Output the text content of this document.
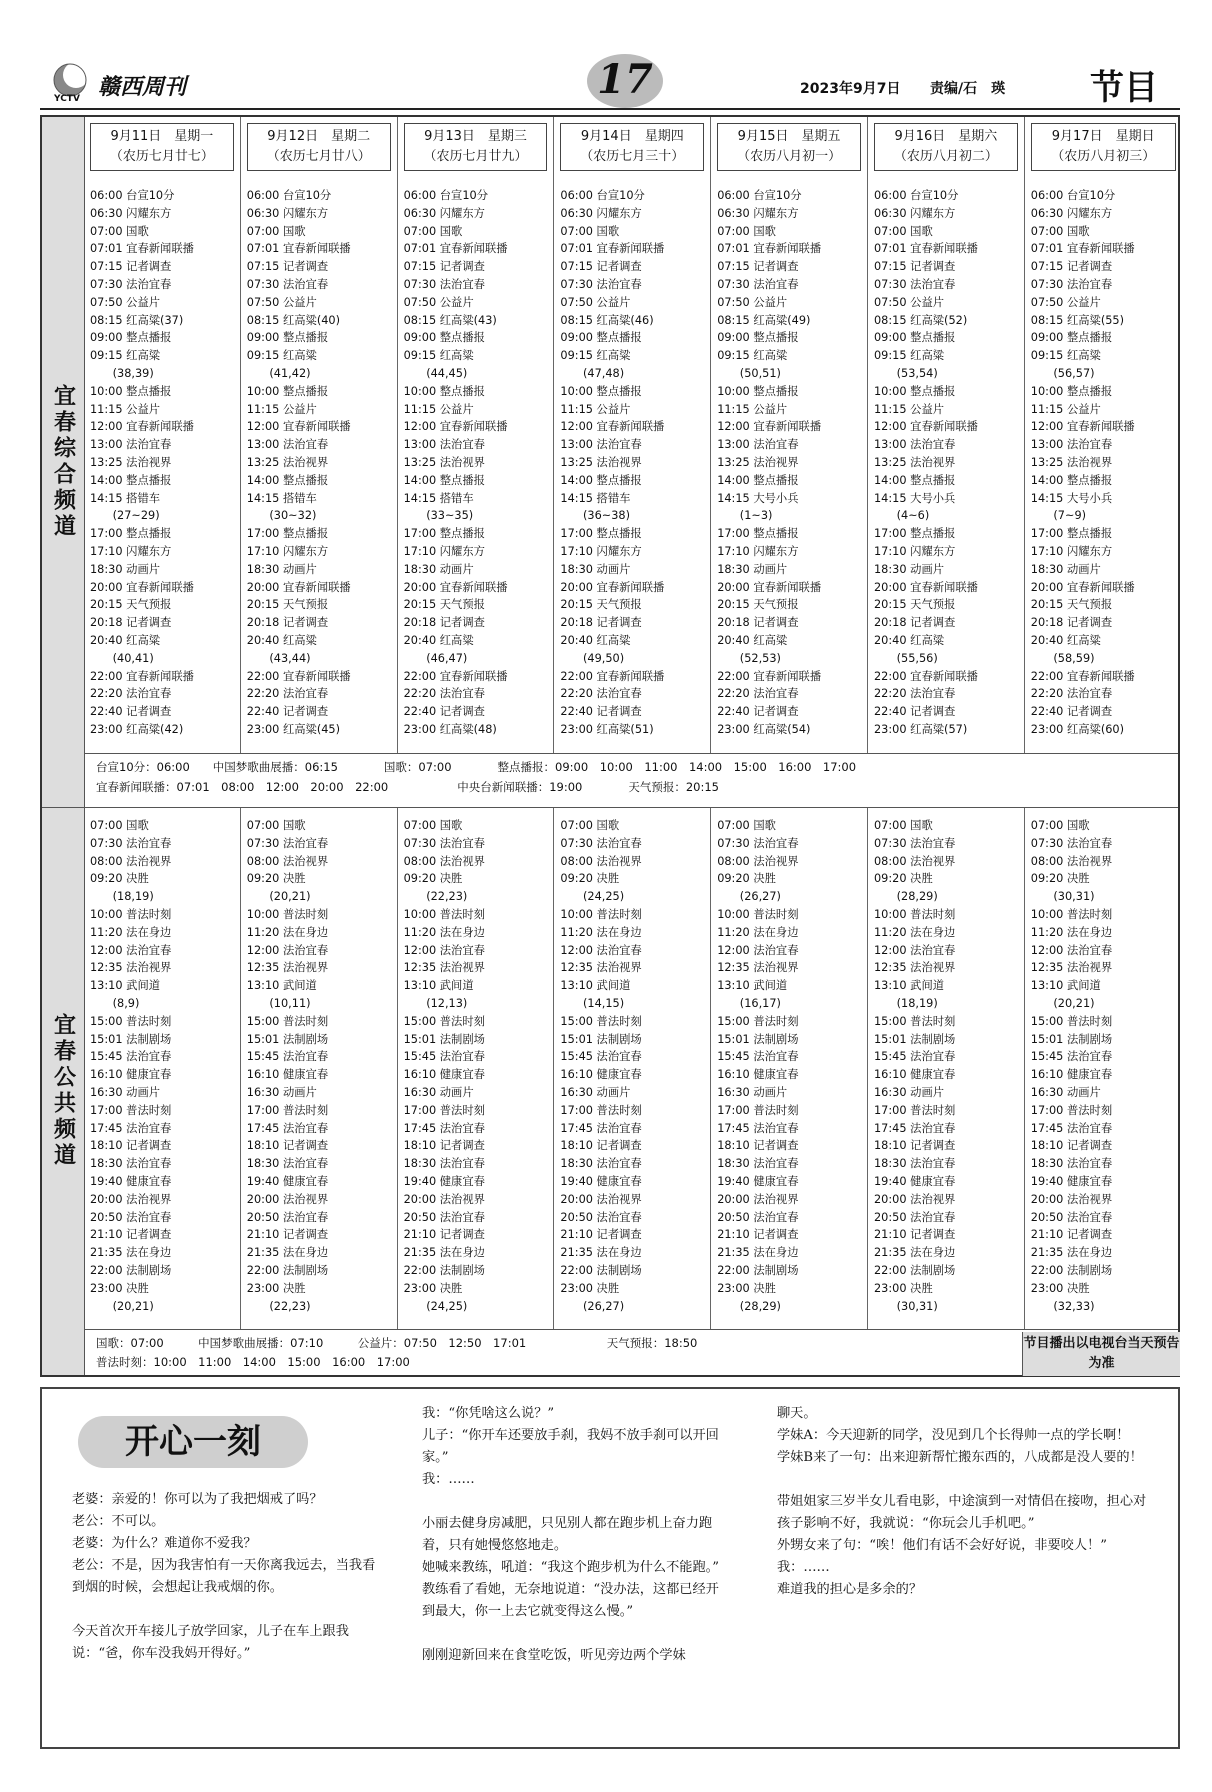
YCTV 赣西周刊	17	2023年9月7日 责编/石　瑛 节目
宜春综合频道
宜春公共频道
9月11日　星期一
（农历七月廿七）
06:00 台宣10分
06:30 闪耀东方
07:00 国歌
07:01 宜春新闻联播
07:15 记者调查
07:30 法治宜春
07:50 公益片
08:15 红高粱(37)
09:00 整点播报
09:15 红高粱
　　(38,39)
10:00 整点播报
11:15 公益片
12:00 宜春新闻联播
13:00 法治宜春
13:25 法治视界
14:00 整点播报
14:15 搭错车
　　(27~29)
17:00 整点播报
17:10 闪耀东方
18:30 动画片
20:00 宜春新闻联播
20:15 天气预报
20:18 记者调查
20:40 红高粱
　　(40,41)
22:00 宜春新闻联播
22:20 法治宜春
22:40 记者调查
23:00 红高粱(42)
07:00 国歌
07:30 法治宜春
08:00 法治视界
09:20 决胜
　　(18,19)
10:00 普法时刻
11:20 法在身边
12:00 法治宜春
12:35 法治视界
13:10 武间道
　　(8,9)
15:00 普法时刻
15:01 法制剧场
15:45 法治宜春
16:10 健康宜春
16:30 动画片
17:00 普法时刻
17:45 法治宜春
18:10 记者调查
18:30 法治宜春
19:40 健康宜春
20:00 法治视界
20:50 法治宜春
21:10 记者调查
21:35 法在身边
22:00 法制剧场
23:00 决胜
　　(20,21)
9月12日　星期二
（农历七月廿八）
06:00 台宣10分
06:30 闪耀东方
07:00 国歌
07:01 宜春新闻联播
07:15 记者调查
07:30 法治宜春
07:50 公益片
08:15 红高粱(40)
09:00 整点播报
09:15 红高粱
　　(41,42)
10:00 整点播报
11:15 公益片
12:00 宜春新闻联播
13:00 法治宜春
13:25 法治视界
14:00 整点播报
14:15 搭错车
　　(30~32)
17:00 整点播报
17:10 闪耀东方
18:30 动画片
20:00 宜春新闻联播
20:15 天气预报
20:18 记者调查
20:40 红高粱
　　(43,44)
22:00 宜春新闻联播
22:20 法治宜春
22:40 记者调查
23:00 红高粱(45)
07:00 国歌
07:30 法治宜春
08:00 法治视界
09:20 决胜
　　(20,21)
10:00 普法时刻
11:20 法在身边
12:00 法治宜春
12:35 法治视界
13:10 武间道
　　(10,11)
15:00 普法时刻
15:01 法制剧场
15:45 法治宜春
16:10 健康宜春
16:30 动画片
17:00 普法时刻
17:45 法治宜春
18:10 记者调查
18:30 法治宜春
19:40 健康宜春
20:00 法治视界
20:50 法治宜春
21:10 记者调查
21:35 法在身边
22:00 法制剧场
23:00 决胜
　　(22,23)
9月13日　星期三
（农历七月廿九）
06:00 台宣10分
06:30 闪耀东方
07:00 国歌
07:01 宜春新闻联播
07:15 记者调查
07:30 法治宜春
07:50 公益片
08:15 红高粱(43)
09:00 整点播报
09:15 红高粱
　　(44,45)
10:00 整点播报
11:15 公益片
12:00 宜春新闻联播
13:00 法治宜春
13:25 法治视界
14:00 整点播报
14:15 搭错车
　　(33~35)
17:00 整点播报
17:10 闪耀东方
18:30 动画片
20:00 宜春新闻联播
20:15 天气预报
20:18 记者调查
20:40 红高粱
　　(46,47)
22:00 宜春新闻联播
22:20 法治宜春
22:40 记者调查
23:00 红高粱(48)
07:00 国歌
07:30 法治宜春
08:00 法治视界
09:20 决胜
　　(22,23)
10:00 普法时刻
11:20 法在身边
12:00 法治宜春
12:35 法治视界
13:10 武间道
　　(12,13)
15:00 普法时刻
15:01 法制剧场
15:45 法治宜春
16:10 健康宜春
16:30 动画片
17:00 普法时刻
17:45 法治宜春
18:10 记者调查
18:30 法治宜春
19:40 健康宜春
20:00 法治视界
20:50 法治宜春
21:10 记者调查
21:35 法在身边
22:00 法制剧场
23:00 决胜
　　(24,25)
9月14日　星期四
（农历七月三十）
06:00 台宣10分
06:30 闪耀东方
07:00 国歌
07:01 宜春新闻联播
07:15 记者调查
07:30 法治宜春
07:50 公益片
08:15 红高粱(46)
09:00 整点播报
09:15 红高粱
　　(47,48)
10:00 整点播报
11:15 公益片
12:00 宜春新闻联播
13:00 法治宜春
13:25 法治视界
14:00 整点播报
14:15 搭错车
　　(36~38)
17:00 整点播报
17:10 闪耀东方
18:30 动画片
20:00 宜春新闻联播
20:15 天气预报
20:18 记者调查
20:40 红高粱
　　(49,50)
22:00 宜春新闻联播
22:20 法治宜春
22:40 记者调查
23:00 红高粱(51)
07:00 国歌
07:30 法治宜春
08:00 法治视界
09:20 决胜
　　(24,25)
10:00 普法时刻
11:20 法在身边
12:00 法治宜春
12:35 法治视界
13:10 武间道
　　(14,15)
15:00 普法时刻
15:01 法制剧场
15:45 法治宜春
16:10 健康宜春
16:30 动画片
17:00 普法时刻
17:45 法治宜春
18:10 记者调查
18:30 法治宜春
19:40 健康宜春
20:00 法治视界
20:50 法治宜春
21:10 记者调查
21:35 法在身边
22:00 法制剧场
23:00 决胜
　　(26,27)
9月15日　星期五
（农历八月初一）
06:00 台宣10分
06:30 闪耀东方
07:00 国歌
07:01 宜春新闻联播
07:15 记者调查
07:30 法治宜春
07:50 公益片
08:15 红高粱(49)
09:00 整点播报
09:15 红高粱
　　(50,51)
10:00 整点播报
11:15 公益片
12:00 宜春新闻联播
13:00 法治宜春
13:25 法治视界
14:00 整点播报
14:15 大号小兵
　　(1~3)
17:00 整点播报
17:10 闪耀东方
18:30 动画片
20:00 宜春新闻联播
20:15 天气预报
20:18 记者调查
20:40 红高粱
　　(52,53)
22:00 宜春新闻联播
22:20 法治宜春
22:40 记者调查
23:00 红高粱(54)
07:00 国歌
07:30 法治宜春
08:00 法治视界
09:20 决胜
　　(26,27)
10:00 普法时刻
11:20 法在身边
12:00 法治宜春
12:35 法治视界
13:10 武间道
　　(16,17)
15:00 普法时刻
15:01 法制剧场
15:45 法治宜春
16:10 健康宜春
16:30 动画片
17:00 普法时刻
17:45 法治宜春
18:10 记者调查
18:30 法治宜春
19:40 健康宜春
20:00 法治视界
20:50 法治宜春
21:10 记者调查
21:35 法在身边
22:00 法制剧场
23:00 决胜
　　(28,29)
9月16日　星期六
（农历八月初二）
06:00 台宣10分
06:30 闪耀东方
07:00 国歌
07:01 宜春新闻联播
07:15 记者调查
07:30 法治宜春
07:50 公益片
08:15 红高粱(52)
09:00 整点播报
09:15 红高粱
　　(53,54)
10:00 整点播报
11:15 公益片
12:00 宜春新闻联播
13:00 法治宜春
13:25 法治视界
14:00 整点播报
14:15 大号小兵
　　(4~6)
17:00 整点播报
17:10 闪耀东方
18:30 动画片
20:00 宜春新闻联播
20:15 天气预报
20:18 记者调查
20:40 红高粱
　　(55,56)
22:00 宜春新闻联播
22:20 法治宜春
22:40 记者调查
23:00 红高粱(57)
07:00 国歌
07:30 法治宜春
08:00 法治视界
09:20 决胜
　　(28,29)
10:00 普法时刻
11:20 法在身边
12:00 法治宜春
12:35 法治视界
13:10 武间道
　　(18,19)
15:00 普法时刻
15:01 法制剧场
15:45 法治宜春
16:10 健康宜春
16:30 动画片
17:00 普法时刻
17:45 法治宜春
18:10 记者调查
18:30 法治宜春
19:40 健康宜春
20:00 法治视界
20:50 法治宜春
21:10 记者调查
21:35 法在身边
22:00 法制剧场
23:00 决胜
　　(30,31)
9月17日　星期日
（农历八月初三）
06:00 台宣10分
06:30 闪耀东方
07:00 国歌
07:01 宜春新闻联播
07:15 记者调查
07:30 法治宜春
07:50 公益片
08:15 红高粱(55)
09:00 整点播报
09:15 红高粱
　　(56,57)
10:00 整点播报
11:15 公益片
12:00 宜春新闻联播
13:00 法治宜春
13:25 法治视界
14:00 整点播报
14:15 大号小兵
　　(7~9)
17:00 整点播报
17:10 闪耀东方
18:30 动画片
20:00 宜春新闻联播
20:15 天气预报
20:18 记者调查
20:40 红高粱
　　(58,59)
22:00 宜春新闻联播
22:20 法治宜春
22:40 记者调查
23:00 红高粱(60)
07:00 国歌
07:30 法治宜春
08:00 法治视界
09:20 决胜
　　(30,31)
10:00 普法时刻
11:20 法在身边
12:00 法治宜春
12:35 法治视界
13:10 武间道
　　(20,21)
15:00 普法时刻
15:01 法制剧场
15:45 法治宜春
16:10 健康宜春
16:30 动画片
17:00 普法时刻
17:45 法治宜春
18:10 记者调查
18:30 法治宜春
19:40 健康宜春
20:00 法治视界
20:50 法治宜春
21:10 记者调查
21:35 法在身边
22:00 法制剧场
23:00 决胜
　　(32,33)
台宣10分：06:00　　中国梦歌曲展播：06:15　　　　国歌：07:00　　　　整点播报：09:00　10:00　11:00　14:00　15:00　16:00　17:00
宜春新闻联播：07:01　08:00　12:00　20:00　22:00　　　　　　中央台新闻联播：19:00　　　　天气预报：20:15
国歌：07:00　　　中国梦歌曲展播：07:10　　　公益片：07:50　12:50　17:01　　　　　　　天气预报：18:50
普法时刻：10:00　11:00　14:00　15:00　16:00　17:00
节目播出以电视台当天预告为准
开心一刻
老婆：亲爱的！你可以为了我把烟戒了吗？
老公：不可以。
老婆：为什么？难道你不爱我？
老公：不是，因为我害怕有一天你离我远去，当我看到烟的时候，会想起让我戒烟的你。

今天首次开车接儿子放学回家，儿子在车上跟我说：“爸，你车没我妈开得好。”
我：“你凭啥这么说？”
儿子：“你开车还要放手刹，我妈不放手刹可以开回家。”
我：……

小丽去健身房减肥，只见别人都在跑步机上奋力跑着，只有她慢悠悠地走。
她喊来教练，吼道：“我这个跑步机为什么不能跑。”
教练看了看她，无奈地说道：“没办法，这都已经开到最大，你一上去它就变得这么慢。”

刚刚迎新回来在食堂吃饭，听见旁边两个学妹
聊天。
学妹A：今天迎新的同学，没见到几个长得帅一点的学长啊！
学妹B来了一句：出来迎新帮忙搬东西的，八成都是没人要的！

带姐姐家三岁半女儿看电影，中途演到一对情侣在接吻，担心对孩子影响不好，我就说：“你玩会儿手机吧。”
外甥女来了句：“唉！他们有话不会好好说，非要咬人！”
我：……
难道我的担心是多余的？
